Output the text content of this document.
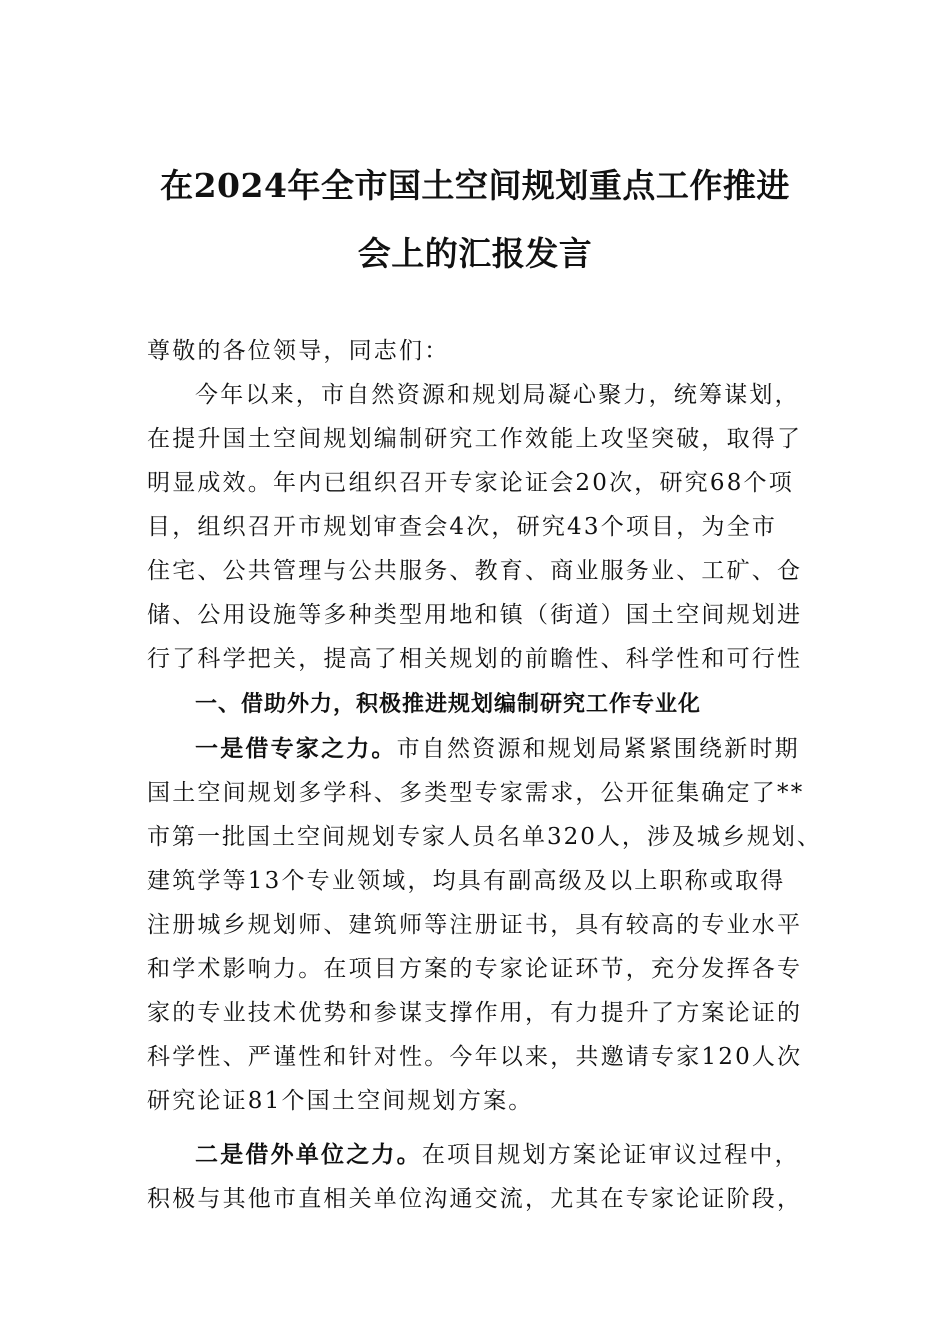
在2024年全市国土空间规划重点工作推进
会上的汇报发言
尊敬的各位领导，同志们：
今年以来，市自然资源和规划局凝心聚力，统筹谋划，
在提升国土空间规划编制研究工作效能上攻坚突破，取得了
明显成效。年内已组织召开专家论证会20次，研究68个项
目，组织召开市规划审查会4次，研究43个项目，为全市
住宅、公共管理与公共服务、教育、商业服务业、工矿、仓
储、公用设施等多种类型用地和镇（街道）国土空间规划进
行了科学把关，提高了相关规划的前瞻性、科学性和可行性
一、借助外力，积极推进规划编制研究工作专业化
一是借专家之力。市自然资源和规划局紧紧围绕新时期
国土空间规划多学科、多类型专家需求，公开征集确定了**
市第一批国土空间规划专家人员名单320人，涉及城乡规划、
建筑学等13个专业领域，均具有副高级及以上职称或取得
注册城乡规划师、建筑师等注册证书，具有较高的专业水平
和学术影响力。在项目方案的专家论证环节，充分发挥各专
家的专业技术优势和参谋支撑作用，有力提升了方案论证的
科学性、严谨性和针对性。今年以来，共邀请专家120人次
研究论证81个国土空间规划方案。
二是借外单位之力。在项目规划方案论证审议过程中，
积极与其他市直相关单位沟通交流，尤其在专家论证阶段，
